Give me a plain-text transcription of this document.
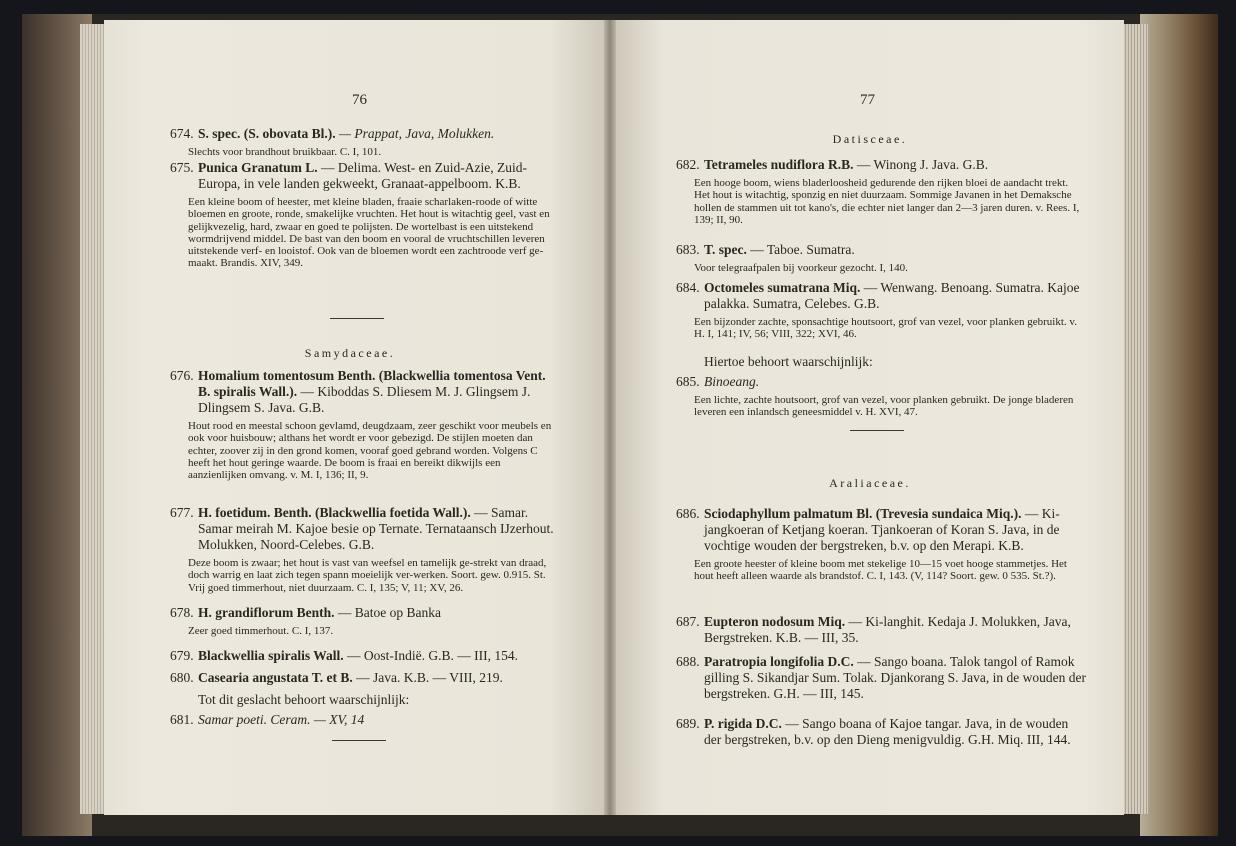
76
674. S. spec. (S. obovata Bl.). — Prappat, Java, Molukken.
Slechts voor brandhout bruikbaar. C. I, 101.
675. Punica Granatum L. — Delima. West- en Zuid-Azie, Zuid-Europa, in vele landen gekweekt, Granaat-appelboom. K.B.
Een kleine boom of heester, met kleine bladen, fraaie scharlaken-roode of witte bloemen en groote, ronde, smakelijke vruchten. Het hout is witachtig geel, vast en gelijkvezelig, hard, zwaar en goed te polijsten. De wortelbast is een uitstekend wormdrijvend middel. De bast van den boom en vooral de vruchtschillen leveren uitstekende verf- en looistof. Ook van de bloemen wordt een zachtroode verf ge-maakt. Brandis. XIV, 349.
Samydaceae.
676. Homalium tomentosum Benth. (Blackwellia tomentosa Vent. B. spiralis Wall.). — Kiboddas S. Dliesem M. J. Glingsem J. Dlingsem S. Java. G.B.
Hout rood en meestal schoon gevlamd, deugdzaam, zeer geschikt voor meubels en ook voor huisbouw; althans het wordt er voor gebezigd. De stijlen moeten dan echter, zoover zij in den grond komen, vooraf goed gebrand worden. Volgens C heeft het hout geringe waarde. De boom is fraai en bereikt dikwijls een aanzienlijken omvang. v. M. I, 136; II, 9.
677. H. foetidum. Benth. (Blackwellia foetida Wall.). — Samar. Samar meirah M. Kajoe besie op Ternate. Ternataansch IJzerhout. Molukken, Noord-Celebes. G.B.
Deze boom is zwaar; het hout is vast van weefsel en tamelijk ge-strekt van draad, doch warrig en laat zich tegen spann moeielijk ver-werken. Soort. gew. 0.915. St. Vrij goed timmerhout, niet duurzaam. C. I, 135; V, 11; XV, 26.
678. H. grandiflorum Benth. — Batoe op Banka
Zeer goed timmerhout. C. I, 137.
679. Blackwellia spiralis Wall. — Oost-Indië. G.B. — III, 154.
680. Casearia angustata T. et B. — Java. K.B. — VIII, 219.
Tot dit geslacht behoort waarschijnlijk:
681. Samar poeti. Ceram. — XV, 14
77
Datisceae.
682. Tetrameles nudiflora R.B. — Winong J. Java. G.B.
Een hooge boom, wiens bladerloosheid gedurende den rijken bloei de aandacht trekt. Het hout is witachtig, sponzig en niet duurzaam. Sommige Javanen in het Demaksche hollen de stammen uit tot kano's, die echter niet langer dan 2—3 jaren duren. v. Rees. I, 139; II, 90.
683. T. spec. — Taboe. Sumatra.
Voor telegraafpalen bij voorkeur gezocht. I, 140.
684. Octomeles sumatrana Miq. — Wenwang. Benoang. Sumatra. Kajoe palakka. Sumatra, Celebes. G.B.
Een bijzonder zachte, sponsachtige houtsoort, grof van vezel, voor planken gebruikt. v. H. I, 141; IV, 56; VIII, 322; XVI, 46.
Hiertoe behoort waarschijnlijk:
685. Binoeang.
Een lichte, zachte houtsoort, grof van vezel, voor planken gebruikt. De jonge bladeren leveren een inlandsch geneesmiddel v. H. XVI, 47.
Araliaceae.
686. Sciodaphyllum palmatum Bl. (Trevesia sundaica Miq.). — Ki-jangkoeran of Ketjang koeran. Tjankoeran of Koran S. Java, in de vochtige wouden der bergstreken, b.v. op den Merapi. K.B.
Een groote heester of kleine boom met stekelige 10—15 voet hooge stammetjes. Het hout heeft alleen waarde als brandstof. C. I, 143. (V, 114? Soort. gew. 0 535. St.?).
687. Eupteron nodosum Miq. — Ki-langhit. Kedaja J. Molukken, Java, Bergstreken. K.B. — III, 35.
688. Paratropia longifolia D.C. — Sango boana. Talok tangol of Ramok gilling S. Sikandjar Sum. Tolak. Djankorang S. Java, in de wouden der bergstreken. G.H. — III, 145.
689. P. rigida D.C. — Sango boana of Kajoe tangar. Java, in de wouden der bergstreken, b.v. op den Dieng menigvuldig. G.H. Miq. III, 144.
